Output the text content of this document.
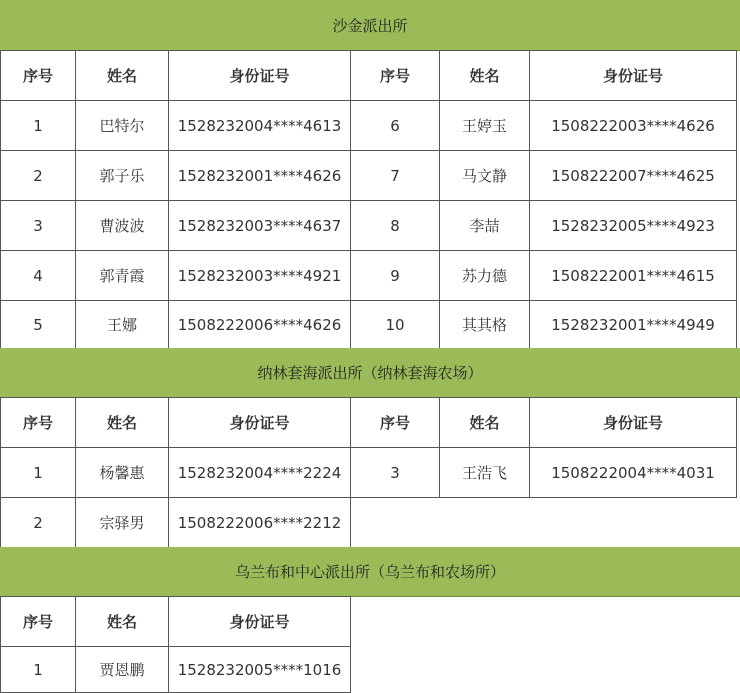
沙金派出所
序号	姓名	身份证号	序号	姓名	身份证号
1	巴特尔	1528232004****4613	6	王婷玉	1508222003****4626
2	郭子乐	1528232001****4626	7	马文静	1508222007****4625
3	曹波波	1528232003****4637	8	李喆	1528232005****4923
4	郭青霞	1528232003****4921	9	苏力德	1508222001****4615
5	王娜	1508222006****4626	10	其其格	1528232001****4949
纳林套海派出所（纳林套海农场）
序号	姓名	身份证号	序号	姓名	身份证号
1	杨馨惠	1528232004****2224	3	王浩飞	1508222004****4031
2	宗驿男	1508222006****2212			
乌兰布和中心派出所（乌兰布和农场所）
序号	姓名	身份证号
1	贾恩鹏	1528232005****1016
